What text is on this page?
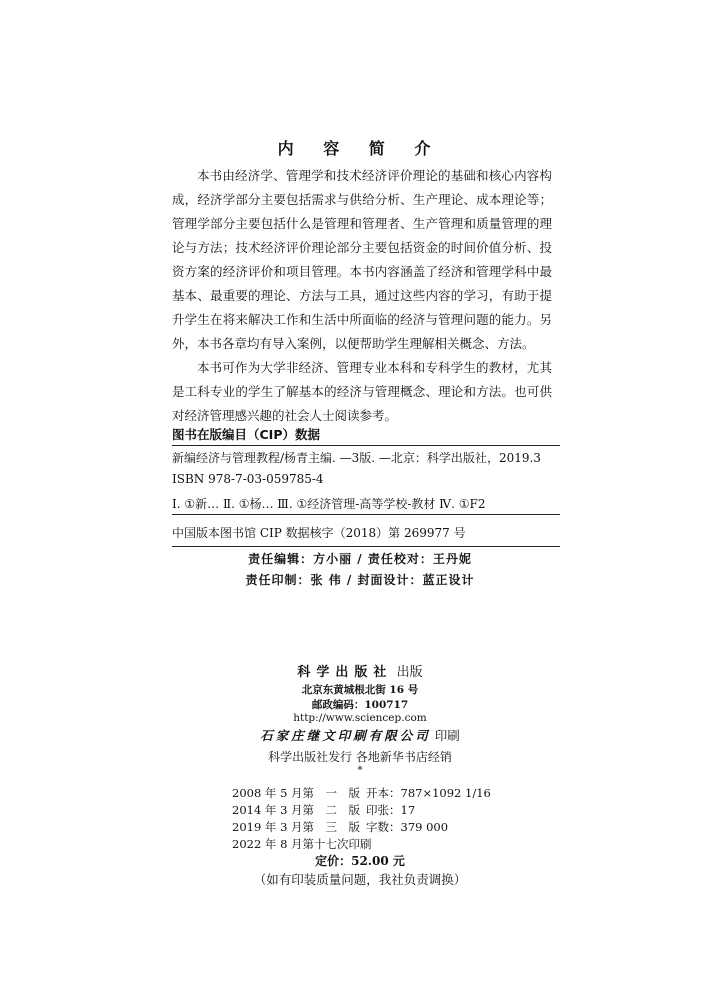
内 容 简 介
本书由经济学、管理学和技术经济评价理论的基础和核心内容构成，经济学部分主要包括需求与供给分析、生产理论、成本理论等；管理学部分主要包括什么是管理和管理者、生产管理和质量管理的理论与方法；技术经济评价理论部分主要包括资金的时间价值分析、投资方案的经济评价和项目管理。本书内容涵盖了经济和管理学科中最基本、最重要的理论、方法与工具，通过这些内容的学习，有助于提升学生在将来解决工作和生活中所面临的经济与管理问题的能力。另外，本书各章均有导入案例，以便帮助学生理解相关概念、方法。
本书可作为大学非经济、管理专业本科和专科学生的教材，尤其是工科专业的学生了解基本的经济与管理概念、理论和方法。也可供对经济管理感兴趣的社会人士阅读参考。
图书在版编目（CIP）数据
新编经济与管理教程/杨青主编. —3版. —北京：科学出版社，2019.3
ISBN 978-7-03-059785-4
Ⅰ. ①新… Ⅱ. ①杨… Ⅲ. ①经济管理-高等学校-教材 Ⅳ. ①F2
中国版本图书馆 CIP 数据核字（2018）第 269977 号
责任编辑：方小丽 / 责任校对：王丹妮
责任印制：张 伟 / 封面设计：蓝正设计
科学出版社 出版
北京东黄城根北街 16 号
邮政编码：100717
http://www.sciencep.com
石家庄继文印刷有限公司 印刷
科学出版社发行 各地新华书店经销
*
2008 年 5 月第　一　版 开本：787×1092 1/16
2014 年 3 月第　二　版 印张：17
2019 年 3 月第　三　版 字数：379 000
2022 年 8 月第十七次印刷
定价：52.00 元
（如有印装质量问题，我社负责调换）
